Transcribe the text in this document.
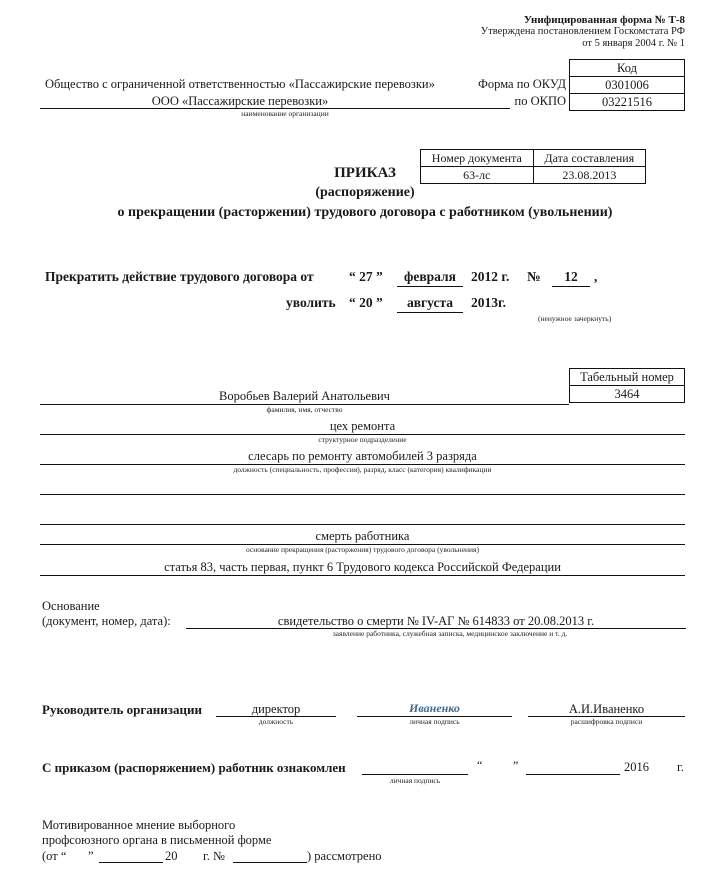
Унифицированная форма № Т-8
Утверждена постановлением Госкомстата РФ
от 5 января 2004 г. № 1
Код
0301006
03221516
Общество с ограниченной ответственностью «Пассажирские перевозки»	Форма по ОКУД
ООО «Пассажирские перевозки»	по ОКПО
наименование организации
Номер документа	Дата составления
63-лс	23.08.2013
ПРИКАЗ
(распоряжение)
о прекращении (расторжении) трудового договора с работником (увольнении)
Прекратить действие трудового договора от	“ 27 ”	февраля	2012 г. №	12	,
уволить “ 20 ”	августа	2013г.
(ненужное зачеркнуть)
Табельный номер
3464
Воробьев Валерий Анатольевич
фамилия, имя, отчество
цех ремонта
структурное подразделение
слесарь по ремонту автомобилей 3 разряда
должность (специальность, профессия), разряд, класс (категория) квалификации
смерть работника
основание прекращения (расторжения) трудового договора (увольнения)
статья 83, часть первая, пункт 6 Трудового кодекса Российской Федерации
Основание
(документ, номер, дата):	свидетельство о смерти № IV-АГ № 614833 от 20.08.2013 г.
заявление работника, служебная записка, медицинское заключение и т. д.
Руководитель организации	директор
должность
Иваненко
личная подпись
А.И.Иваненко
расшифровка подписи
С приказом (распоряжением) работник ознакомлен
личная подпись
“	”	2016 г.
Мотивированное мнение выборного
профсоюзного органа в письменной форме
(от “ ”	20 г. №	) рассмотрено
